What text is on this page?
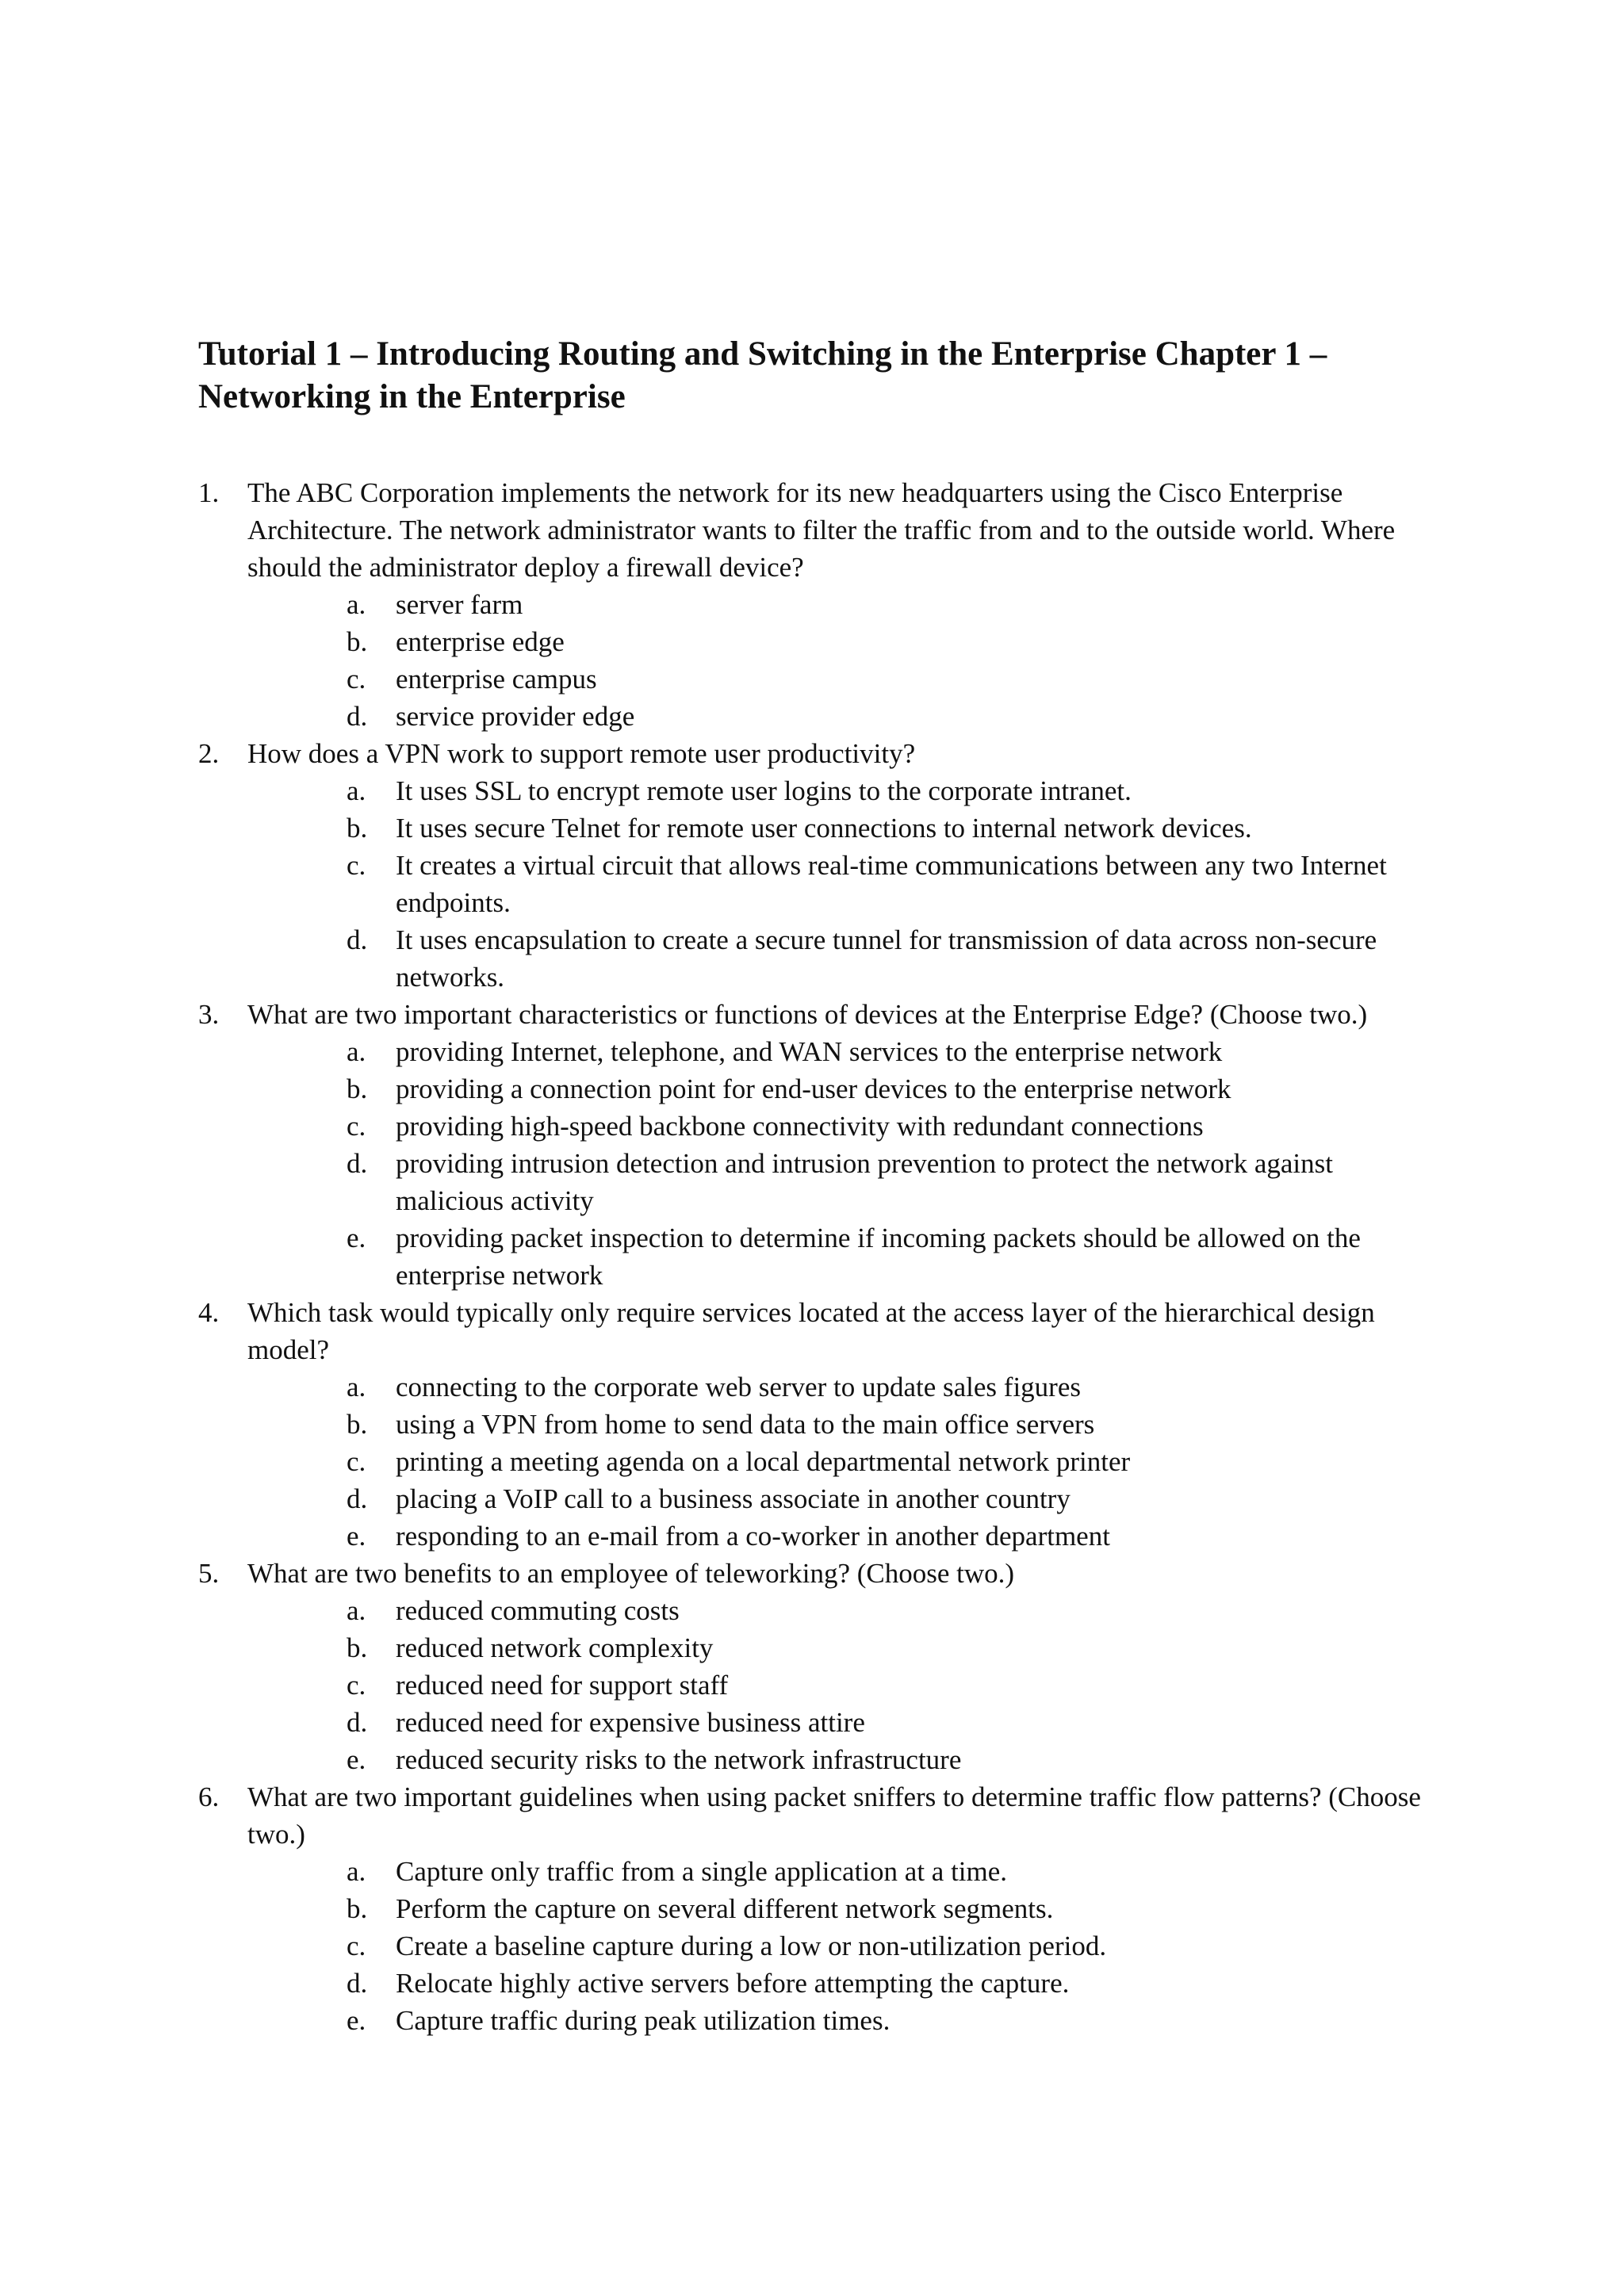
Tutorial 1 – Introducing Routing and Switching in the Enterprise Chapter 1 – Networking in the Enterprise
1. The ABC Corporation implements the network for its new headquarters using the Cisco Enterprise Architecture. The network administrator wants to filter the traffic from and to the outside world. Where should the administrator deploy a firewall device?
a. server farm
b. enterprise edge
c. enterprise campus
d. service provider edge
2. How does a VPN work to support remote user productivity?
a. It uses SSL to encrypt remote user logins to the corporate intranet.
b. It uses secure Telnet for remote user connections to internal network devices.
c. It creates a virtual circuit that allows real-time communications between any two Internet endpoints.
d. It uses encapsulation to create a secure tunnel for transmission of data across non-secure networks.
3. What are two important characteristics or functions of devices at the Enterprise Edge? (Choose two.)
a. providing Internet, telephone, and WAN services to the enterprise network
b. providing a connection point for end-user devices to the enterprise network
c. providing high-speed backbone connectivity with redundant connections
d. providing intrusion detection and intrusion prevention to protect the network against malicious activity
e. providing packet inspection to determine if incoming packets should be allowed on the enterprise network
4. Which task would typically only require services located at the access layer of the hierarchical design model?
a. connecting to the corporate web server to update sales figures
b. using a VPN from home to send data to the main office servers
c. printing a meeting agenda on a local departmental network printer
d. placing a VoIP call to a business associate in another country
e. responding to an e-mail from a co-worker in another department
5. What are two benefits to an employee of teleworking? (Choose two.)
a. reduced commuting costs
b. reduced network complexity
c. reduced need for support staff
d. reduced need for expensive business attire
e. reduced security risks to the network infrastructure
6. What are two important guidelines when using packet sniffers to determine traffic flow patterns? (Choose two.)
a. Capture only traffic from a single application at a time.
b. Perform the capture on several different network segments.
c. Create a baseline capture during a low or non-utilization period.
d. Relocate highly active servers before attempting the capture.
e. Capture traffic during peak utilization times.
